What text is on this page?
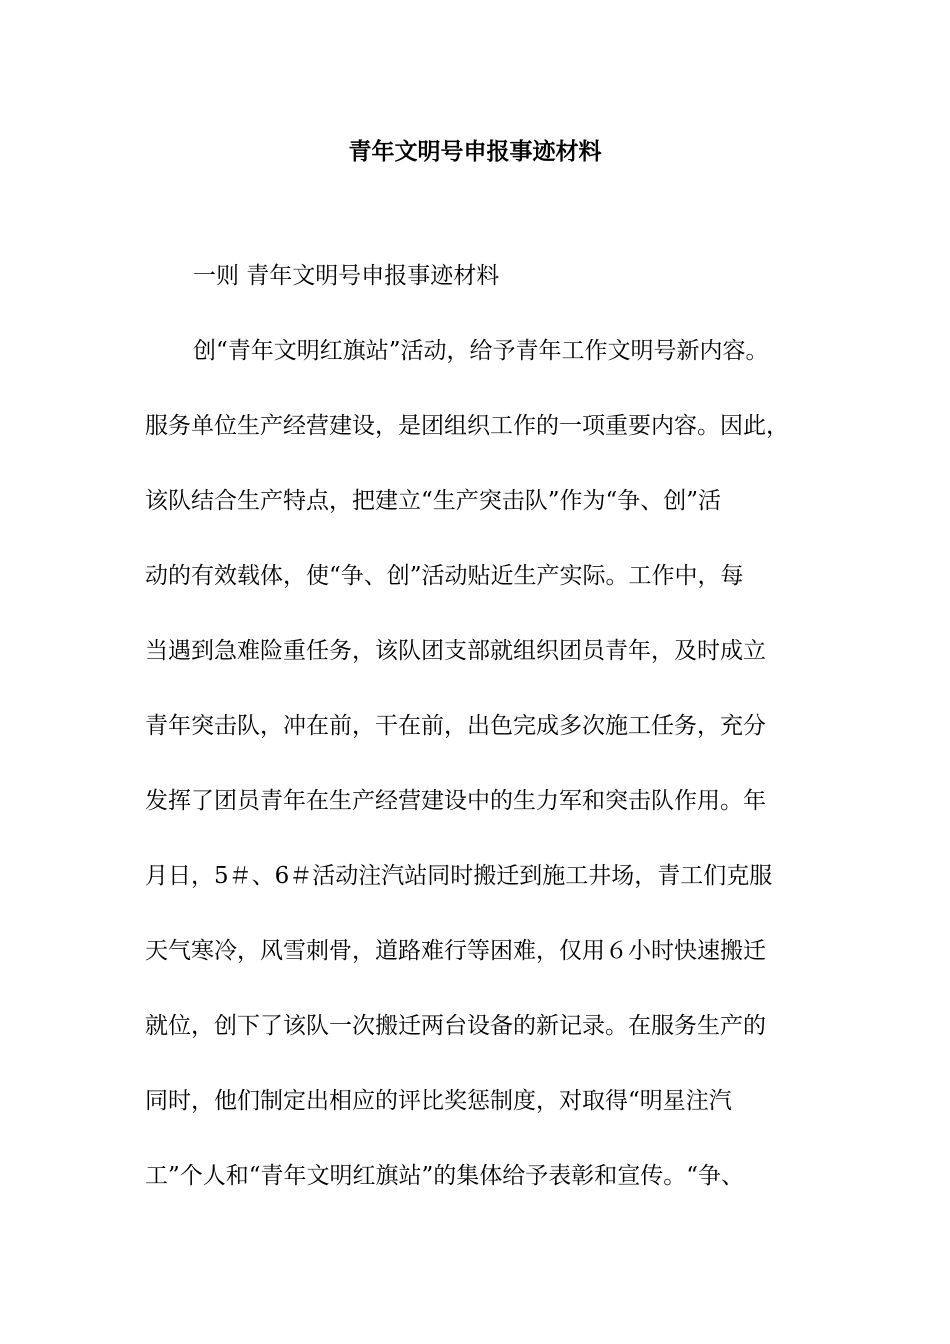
青年文明号申报事迹材料
一则 青年文明号申报事迹材料
创“青年文明红旗站”活动，给予青年工作文明号新内容。
服务单位生产经营建设，是团组织工作的一项重要内容。因此，
该队结合生产特点，把建立“生产突击队”作为“争、创”活
动的有效载体，使“争、创”活动贴近生产实际。工作中，每
当遇到急难险重任务，该队团支部就组织团员青年，及时成立
青年突击队，冲在前，干在前，出色完成多次施工任务，充分
发挥了团员青年在生产经营建设中的生力军和突击队作用。年
月日，5＃、6＃活动注汽站同时搬迁到施工井场，青工们克服
天气寒冷，风雪刺骨，道路难行等困难，仅用６小时快速搬迁
就位，创下了该队一次搬迁两台设备的新记录。在服务生产的
同时，他们制定出相应的评比奖惩制度，对取得“明星注汽
工”个人和“青年文明红旗站”的集体给予表彰和宣传。“争、
